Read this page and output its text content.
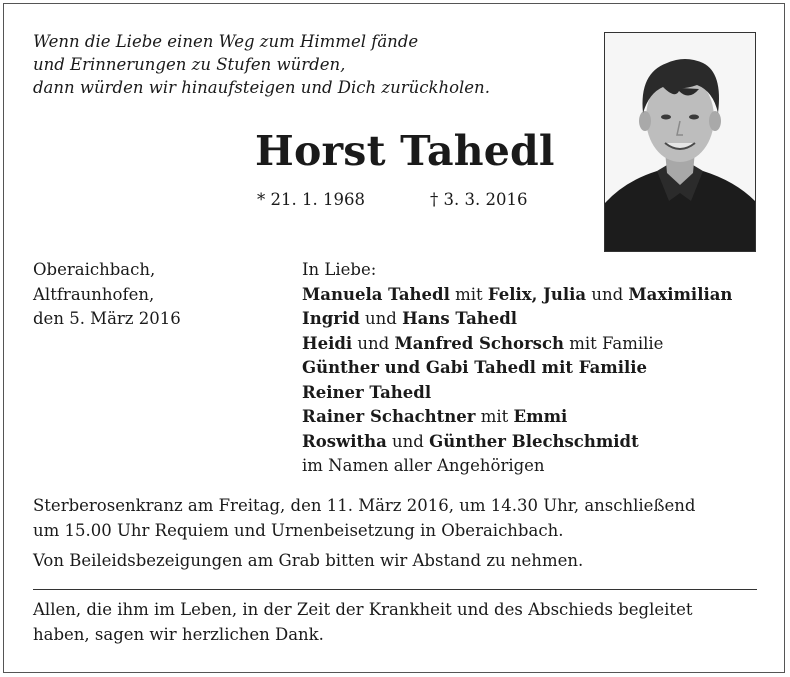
Wenn die Liebe einen Weg zum Himmel fände
und Erinnerungen zu Stufen würden,
dann würden wir hinaufsteigen und Dich zurückholen.
Horst Tahedl
* 21. 1. 1968	† 3. 3. 2016
Oberaichbach,
Altfraunhofen,
den 5. März 2016
In Liebe:
Manuela Tahedl mit Felix, Julia und Maximilian
Ingrid und Hans Tahedl
Heidi und Manfred Schorsch mit Familie
Günther und Gabi Tahedl mit Familie
Reiner Tahedl
Rainer Schachtner mit Emmi
Roswitha und Günther Blechschmidt
im Namen aller Angehörigen
Sterberosenkranz am Freitag, den 11. März 2016, um 14.30 Uhr, anschließend
um 15.00 Uhr Requiem und Urnenbeisetzung in Oberaichbach.
Von Beileidsbezeigungen am Grab bitten wir Abstand zu nehmen.
Allen, die ihm im Leben, in der Zeit der Krankheit und des Abschieds begleitet
haben, sagen wir herzlichen Dank.
